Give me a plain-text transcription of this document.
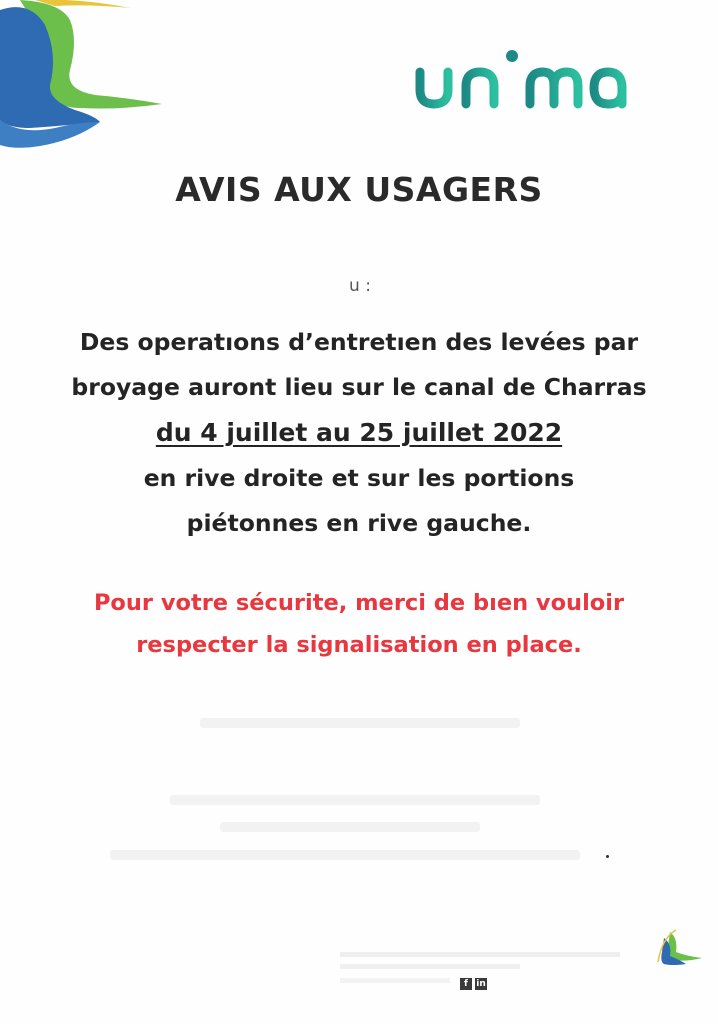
AVIS AUX USAGERS
u :
Des operatıons d’entretıen des levées par
broyage auront lieu sur le canal de Charras
du 4 juillet au 25 juillet 2022
en rive droite et sur les portions
piétonnes en rive gauche.
Pour votre sécurite, merci de bıen vouloir
respecter la signalisation en place.
f in
